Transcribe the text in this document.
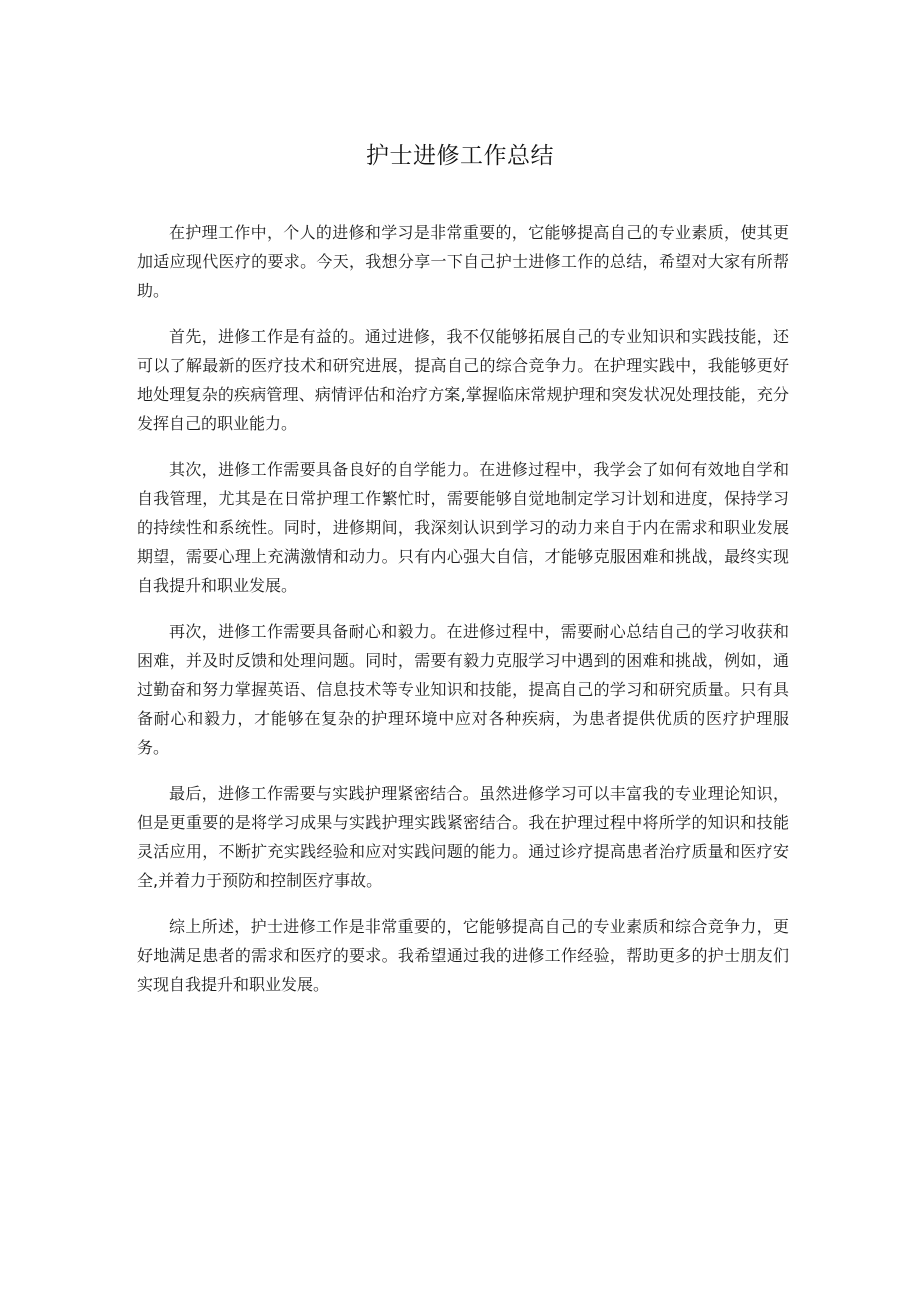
护士进修工作总结

在护理工作中，个人的进修和学习是非常重要的，它能够提高自己的专业素质，使其更加适应现代医疗的要求。今天，我想分享一下自己护士进修工作的总结，希望对大家有所帮助。

首先，进修工作是有益的。通过进修，我不仅能够拓展自己的专业知识和实践技能，还可以了解最新的医疗技术和研究进展，提高自己的综合竞争力。在护理实践中，我能够更好地处理复杂的疾病管理、病情评估和治疗方案,掌握临床常规护理和突发状况处理技能，充分发挥自己的职业能力。

其次，进修工作需要具备良好的自学能力。在进修过程中，我学会了如何有效地自学和自我管理，尤其是在日常护理工作繁忙时，需要能够自觉地制定学习计划和进度，保持学习的持续性和系统性。同时，进修期间，我深刻认识到学习的动力来自于内在需求和职业发展期望，需要心理上充满激情和动力。只有内心强大自信，才能够克服困难和挑战，最终实现自我提升和职业发展。

再次，进修工作需要具备耐心和毅力。在进修过程中，需要耐心总结自己的学习收获和困难，并及时反馈和处理问题。同时，需要有毅力克服学习中遇到的困难和挑战，例如，通过勤奋和努力掌握英语、信息技术等专业知识和技能，提高自己的学习和研究质量。只有具备耐心和毅力，才能够在复杂的护理环境中应对各种疾病，为患者提供优质的医疗护理服务。

最后，进修工作需要与实践护理紧密结合。虽然进修学习可以丰富我的专业理论知识，但是更重要的是将学习成果与实践护理实践紧密结合。我在护理过程中将所学的知识和技能灵活应用，不断扩充实践经验和应对实践问题的能力。通过诊疗提高患者治疗质量和医疗安全,并着力于预防和控制医疗事故。

综上所述，护士进修工作是非常重要的，它能够提高自己的专业素质和综合竞争力，更好地满足患者的需求和医疗的要求。我希望通过我的进修工作经验，帮助更多的护士朋友们实现自我提升和职业发展。
